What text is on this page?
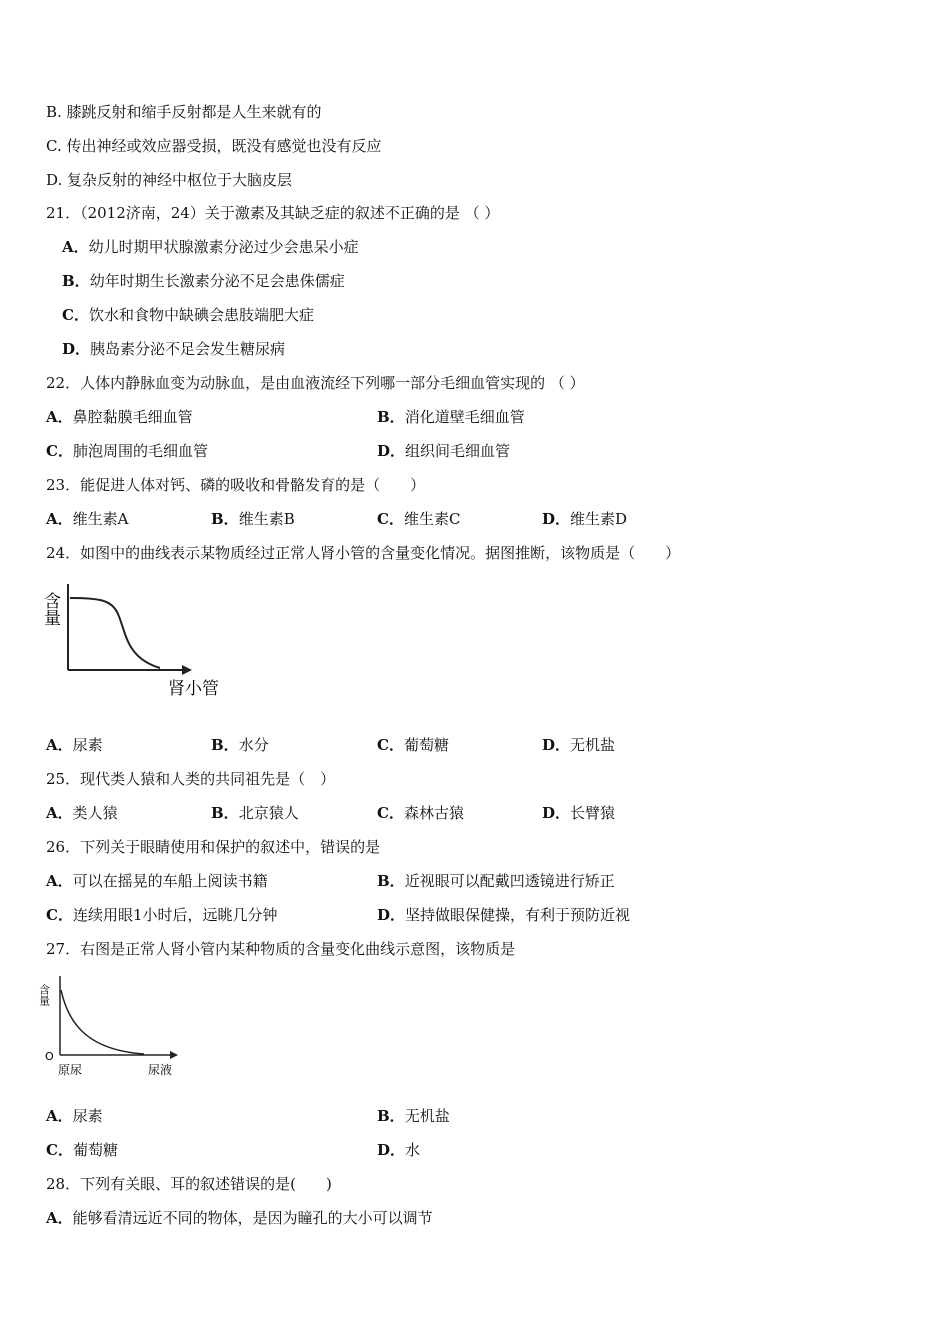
B. 膝跳反射和缩手反射都是人生来就有的
C. 传出神经或效应器受损，既没有感觉也没有反应
D. 复杂反射的神经中枢位于大脑皮层
21．（2012济南，24）关于激素及其缺乏症的叙述不正确的是 （ ）
A．幼儿时期甲状腺激素分泌过少会患呆小症
B．幼年时期生长激素分泌不足会患侏儒症
C．饮水和食物中缺碘会患肢端肥大症
D．胰岛素分泌不足会发生糖尿病
22．人体内静脉血变为动脉血，是由血液流经下列哪一部分毛细血管实现的 （ ）
A．鼻腔黏膜毛细血管	B．消化道壁毛细血管
C．肺泡周围的毛细血管	D．组织间毛细血管
23．能促进人体对钙、磷的吸收和骨骼发育的是（　　）
A．维生素A	B．维生素B	C．维生素C	D．维生素D
24．如图中的曲线表示某物质经过正常人肾小管的含量变化情况。据图推断，该物质是（　　）
含量
肾小管
A．尿素	B．水分	C．葡萄糖	D．无机盐
25．现代类人猿和人类的共同祖先是（　）
A．类人猿	B．北京猿人	C．森林古猿	D．长臂猿
26．下列关于眼睛使用和保护的叙述中，错误的是
A．可以在摇晃的车船上阅读书籍	B．近视眼可以配戴凹透镜进行矫正
C．连续用眼1小时后，远眺几分钟	D．坚持做眼保健操，有利于预防近视
27．右图是正常人肾小管内某种物质的含量变化曲线示意图，该物质是
含量
O
原尿	尿液
A．尿素	B．无机盐
C．葡萄糖	D．水
28．下列有关眼、耳的叙述错误的是(　　)
A．能够看清远近不同的物体，是因为瞳孔的大小可以调节
